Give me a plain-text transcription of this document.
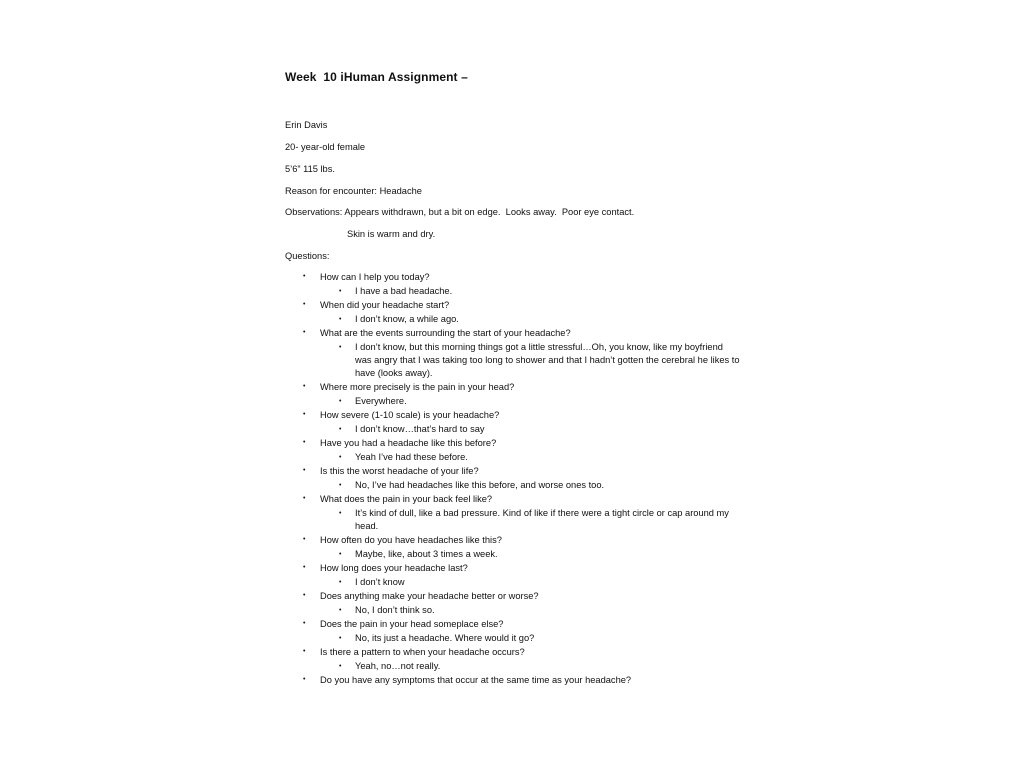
Week  10 iHuman Assignment –
Erin Davis
20- year-old female
5’6” 115 lbs.
Reason for encounter: Headache
Observations: Appears withdrawn, but a bit on edge.  Looks away.  Poor eye contact.
Skin is warm and dry.
Questions:
• How can I help you today?
• I have a bad headache.
• When did your headache start?
• I don’t know, a while ago.
• What are the events surrounding the start of your headache?
• I don’t know, but this morning things got a little stressful…Oh, you know, like my boyfriend was angry that I was taking too long to shower and that I hadn’t gotten the cerebral he likes to have (looks away).
• Where more precisely is the pain in your head?
• Everywhere.
• How severe (1-10 scale) is your headache?
• I don’t know…that’s hard to say
• Have you had a headache like this before?
• Yeah I’ve had these before.
• Is this the worst headache of your life?
• No, I’ve had headaches like this before, and worse ones too.
• What does the pain in your back feel like?
• It’s kind of dull, like a bad pressure. Kind of like if there were a tight circle or cap around my head.
• How often do you have headaches like this?
• Maybe, like, about 3 times a week.
• How long does your headache last?
• I don’t know
• Does anything make your headache better or worse?
• No, I don’t think so.
• Does the pain in your head someplace else?
• No, its just a headache. Where would it go?
• Is there a pattern to when your headache occurs?
• Yeah, no…not really.
• Do you have any symptoms that occur at the same time as your headache?
